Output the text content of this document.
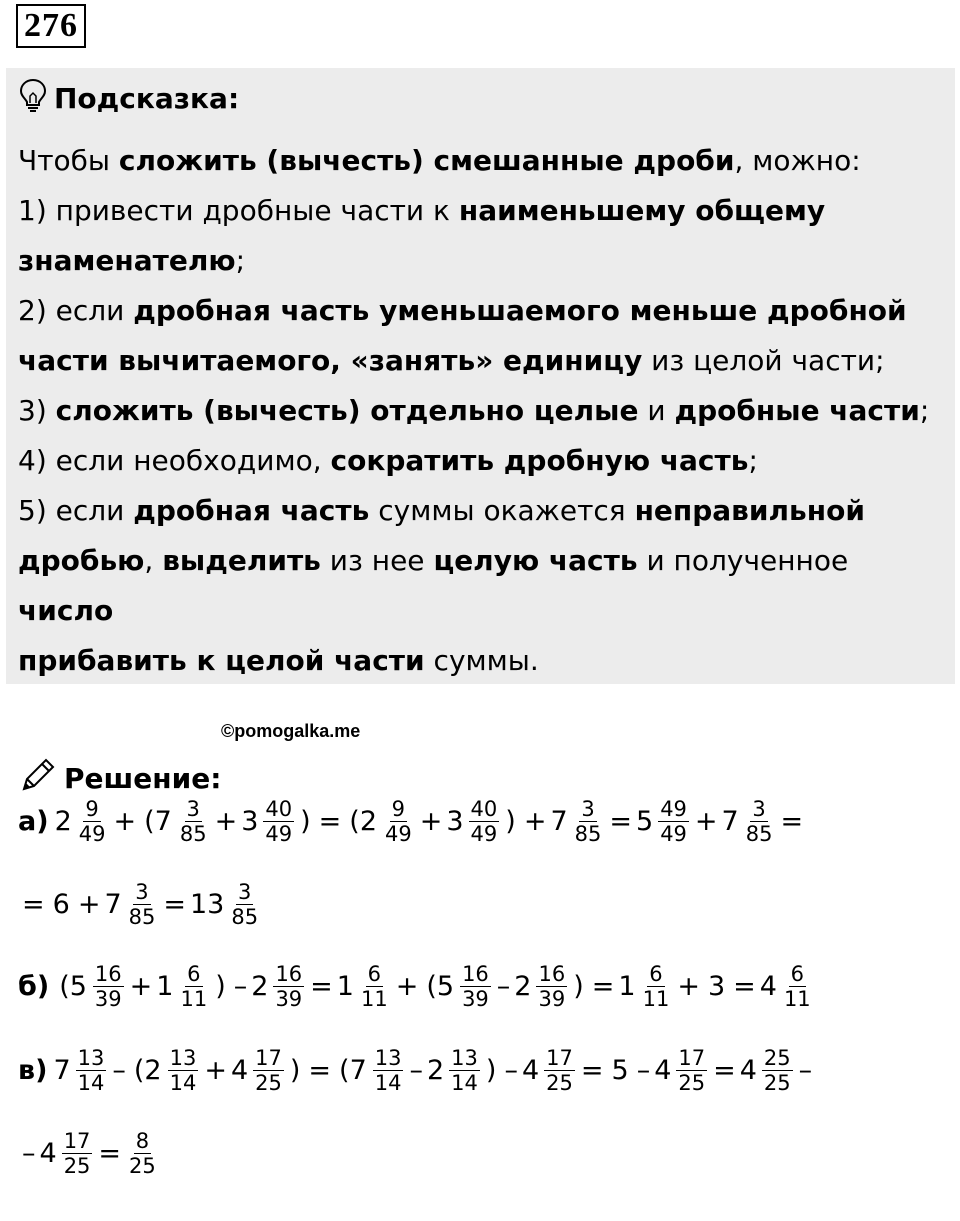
276
Подсказка:

Чтобы сложить (вычесть) смешанные дроби, можно:

1) привести дробные части к наименьшему общему

знаменателю;

2) если дробная часть уменьшаемого меньше дробной

части вычитаемого, «занять» единицу из целой части;

3) сложить (вычесть) отдельно целые и дробные части;

4) если необходимо, сократить дробную часть;

5) если дробная часть суммы окажется неправильной

дробью, выделить из нее целую часть и полученное число

прибавить к целой части суммы.

©pomogalka.me
Решение:
а) $2 \frac{9}{49} + (7 \frac{3}{85} + 3 \frac{40}{49}$ ) = ($2 \frac{9}{49} + 3 \frac{40}{49}$ ) + $7 \frac{3}{85} = 5 \frac{49}{49} + 7 \frac{3}{85}$ =
= $6 + 7 \frac{3}{85} = 13 \frac{3}{85}$
б) ($5 \frac{16}{39} + 1 \frac{6}{11}$ ) – $2 \frac{16}{39} = 1 \frac{6}{11} + (5 \frac{16}{39} - 2 \frac{16}{39}$ ) = $1 \frac{6}{11} + 3 = 4 \frac{6}{11}$
в) $7 \frac{13}{14} - (2 \frac{13}{14} + 4 \frac{17}{25}$ ) = ($7 \frac{13}{14} - 2 \frac{13}{14}$ ) – $4 \frac{17}{25} = 5 - 4 \frac{17}{25} = 4 \frac{25}{25}$ –
– $4 \frac{17}{25} = \frac{8}{25}$
